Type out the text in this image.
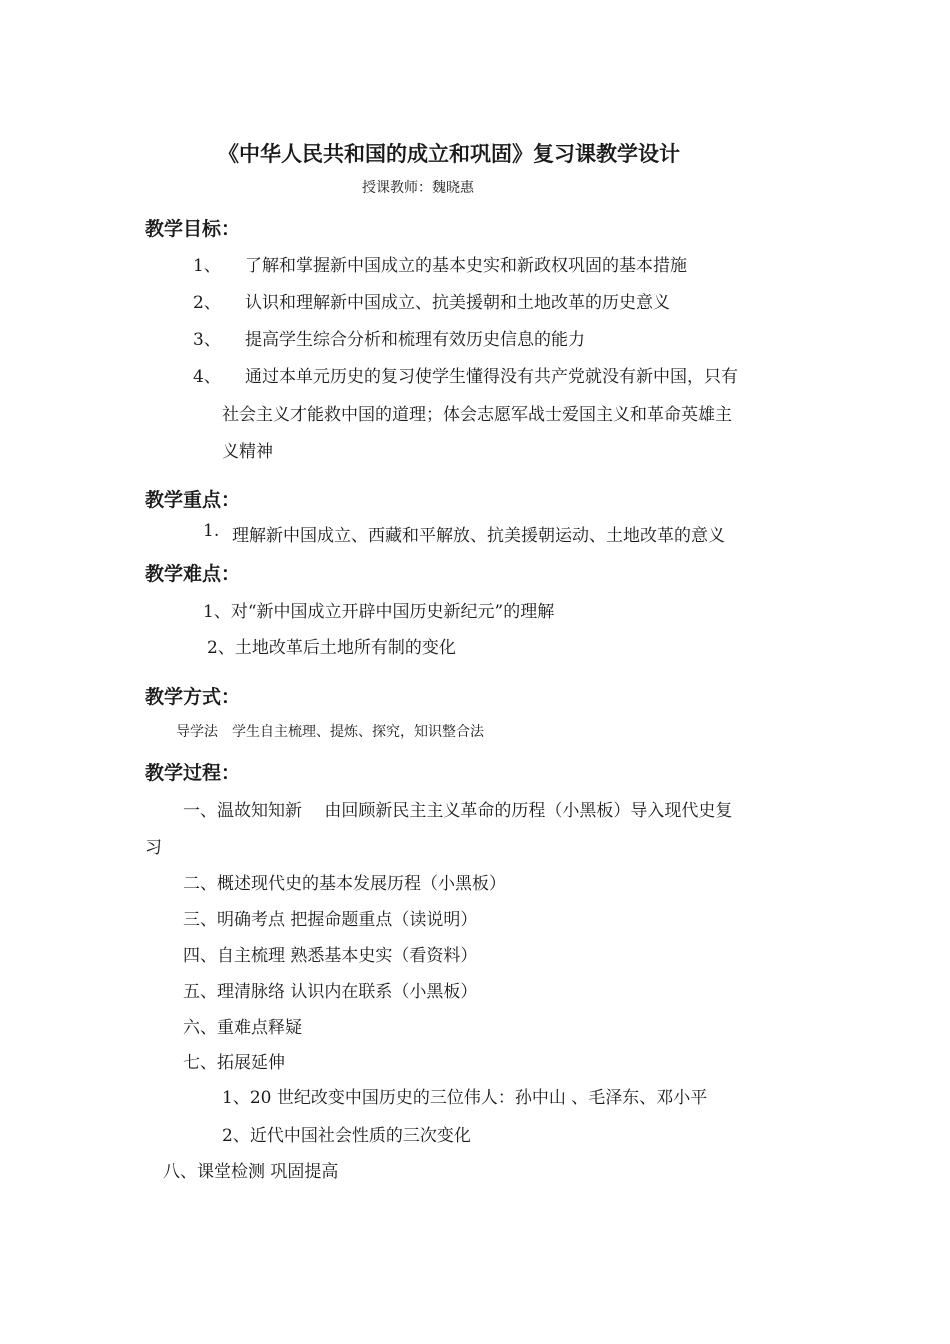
《中华人民共和国的成立和巩固》复习课教学设计
授课教师：魏晓惠
教学目标：
1、 了解和掌握新中国成立的基本史实和新政权巩固的基本措施
2、 认识和理解新中国成立、抗美援朝和土地改革的历史意义
3、 提高学生综合分析和梳理有效历史信息的能力
4、 通过本单元历史的复习使学生懂得没有共产党就没有新中国，只有
社会主义才能救中国的道理；体会志愿军战士爱国主义和革命英雄主
义精神
教学重点：
1. 理解新中国成立、西藏和平解放、抗美援朝运动、土地改革的意义
教学难点：
1、对“新中国成立开辟中国历史新纪元”的理解
2、土地改革后土地所有制的变化
教学方式：
导学法　学生自主梳理、提炼、探究，知识整合法
教学过程：
一、温故知知新　 由回顾新民主主义革命的历程（小黑板）导入现代史复
习
二、概述现代史的基本发展历程（小黑板）
三、明确考点 把握命题重点（读说明）
四、自主梳理 熟悉基本史实（看资料）
五、理清脉络 认识内在联系（小黑板）
六、重难点释疑
七、拓展延伸
1、20 世纪改变中国历史的三位伟人：孙中山 、毛泽东、邓小平
2、近代中国社会性质的三次变化
八、课堂检测 巩固提高
